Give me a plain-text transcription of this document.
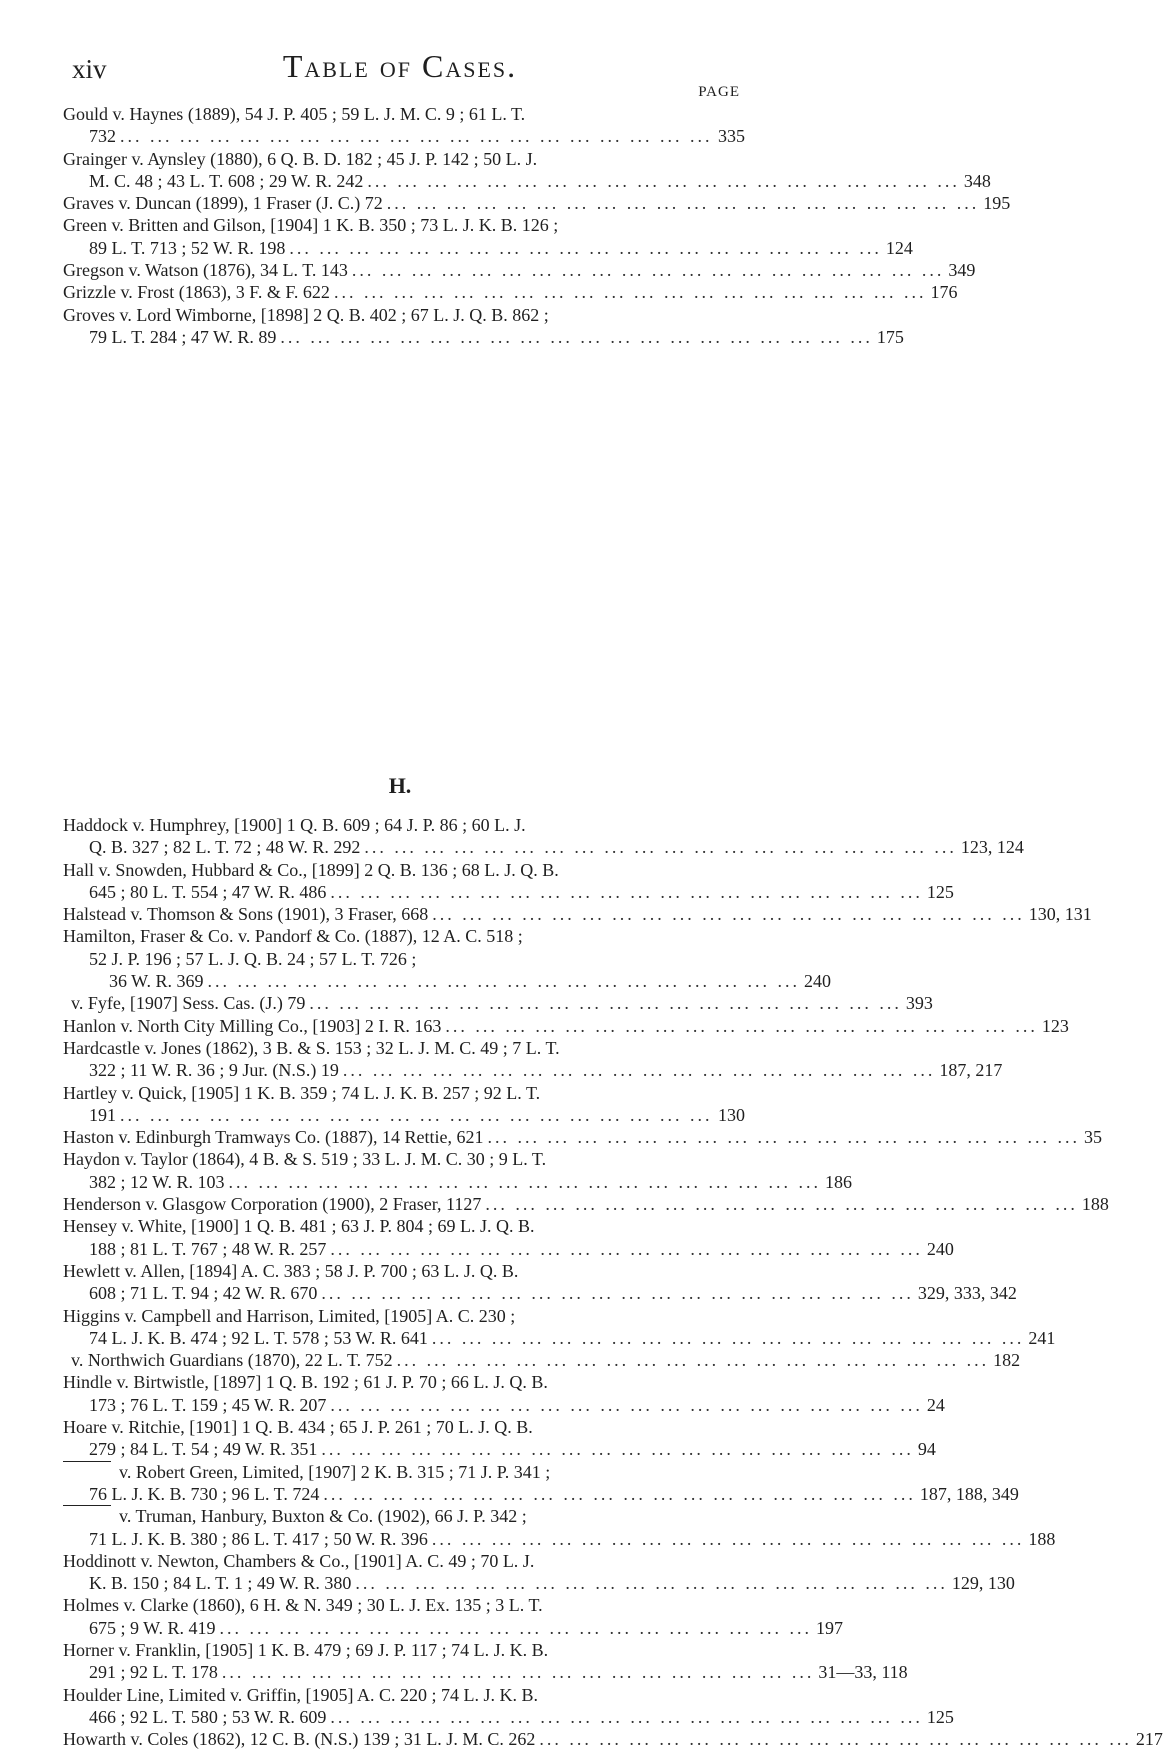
xiv	Table of Cases.
PAGE
Gould v. Haynes (1889), 54 J. P. 405 ; 59 L. J. M. C. 9 ; 61 L. T.
732 ... ... ... ... ... ... ... ... ... ... ... ... ... ... ... ... ... ... ... ... 335
Grainger v. Aynsley (1880), 6 Q. B. D. 182 ; 45 J. P. 142 ; 50 L. J.
M. C. 48 ; 43 L. T. 608 ; 29 W. R. 242 ... ... ... ... ... ... ... ... ... ... ... ... ... ... ... ... ... ... ... ... 348
Graves v. Duncan (1899), 1 Fraser (J. C.) 72 ... ... ... ... ... ... ... ... ... ... ... ... ... ... ... ... ... ... ... ... 195
Green v. Britten and Gilson, [1904] 1 K. B. 350 ; 73 L. J. K. B. 126 ;
89 L. T. 713 ; 52 W. R. 198 ... ... ... ... ... ... ... ... ... ... ... ... ... ... ... ... ... ... ... ... 124
Gregson v. Watson (1876), 34 L. T. 143 ... ... ... ... ... ... ... ... ... ... ... ... ... ... ... ... ... ... ... ... 349
Grizzle v. Frost (1863), 3 F. & F. 622 ... ... ... ... ... ... ... ... ... ... ... ... ... ... ... ... ... ... ... ... 176
Groves v. Lord Wimborne, [1898] 2 Q. B. 402 ; 67 L. J. Q. B. 862 ;
79 L. T. 284 ; 47 W. R. 89 ... ... ... ... ... ... ... ... ... ... ... ... ... ... ... ... ... ... ... ... 175
H.
Haddock v. Humphrey, [1900] 1 Q. B. 609 ; 64 J. P. 86 ; 60 L. J.
Q. B. 327 ; 82 L. T. 72 ; 48 W. R. 292 ... ... ... ... ... ... ... ... ... ... ... ... ... ... ... ... ... ... ... ... 123, 124
Hall v. Snowden, Hubbard & Co., [1899] 2 Q. B. 136 ; 68 L. J. Q. B.
645 ; 80 L. T. 554 ; 47 W. R. 486 ... ... ... ... ... ... ... ... ... ... ... ... ... ... ... ... ... ... ... ... 125
Halstead v. Thomson & Sons (1901), 3 Fraser, 668 ... ... ... ... ... ... ... ... ... ... ... ... ... ... ... ... ... ... ... ... 130, 131
Hamilton, Fraser & Co. v. Pandorf & Co. (1887), 12 A. C. 518 ;
52 J. P. 196 ; 57 L. J. Q. B. 24 ; 57 L. T. 726 ;
36 W. R. 369 ... ... ... ... ... ... ... ... ... ... ... ... ... ... ... ... ... ... ... ... 240
v. Fyfe, [1907] Sess. Cas. (J.) 79 ... ... ... ... ... ... ... ... ... ... ... ... ... ... ... ... ... ... ... ... 393
Hanlon v. North City Milling Co., [1903] 2 I. R. 163 ... ... ... ... ... ... ... ... ... ... ... ... ... ... ... ... ... ... ... ... 123
Hardcastle v. Jones (1862), 3 B. & S. 153 ; 32 L. J. M. C. 49 ; 7 L. T.
322 ; 11 W. R. 36 ; 9 Jur. (N.S.) 19 ... ... ... ... ... ... ... ... ... ... ... ... ... ... ... ... ... ... ... ... 187, 217
Hartley v. Quick, [1905] 1 K. B. 359 ; 74 L. J. K. B. 257 ; 92 L. T.
191 ... ... ... ... ... ... ... ... ... ... ... ... ... ... ... ... ... ... ... ... 130
Haston v. Edinburgh Tramways Co. (1887), 14 Rettie, 621 ... ... ... ... ... ... ... ... ... ... ... ... ... ... ... ... ... ... ... ... 35
Haydon v. Taylor (1864), 4 B. & S. 519 ; 33 L. J. M. C. 30 ; 9 L. T.
382 ; 12 W. R. 103 ... ... ... ... ... ... ... ... ... ... ... ... ... ... ... ... ... ... ... ... 186
Henderson v. Glasgow Corporation (1900), 2 Fraser, 1127 ... ... ... ... ... ... ... ... ... ... ... ... ... ... ... ... ... ... ... ... 188
Hensey v. White, [1900] 1 Q. B. 481 ; 63 J. P. 804 ; 69 L. J. Q. B.
188 ; 81 L. T. 767 ; 48 W. R. 257 ... ... ... ... ... ... ... ... ... ... ... ... ... ... ... ... ... ... ... ... 240
Hewlett v. Allen, [1894] A. C. 383 ; 58 J. P. 700 ; 63 L. J. Q. B.
608 ; 71 L. T. 94 ; 42 W. R. 670 ... ... ... ... ... ... ... ... ... ... ... ... ... ... ... ... ... ... ... ... 329, 333, 342
Higgins v. Campbell and Harrison, Limited, [1905] A. C. 230 ;
74 L. J. K. B. 474 ; 92 L. T. 578 ; 53 W. R. 641 ... ... ... ... ... ... ... ... ... ... ... ... ... ... ... ... ... ... ... ... 241
v. Northwich Guardians (1870), 22 L. T. 752 ... ... ... ... ... ... ... ... ... ... ... ... ... ... ... ... ... ... ... ... 182
Hindle v. Birtwistle, [1897] 1 Q. B. 192 ; 61 J. P. 70 ; 66 L. J. Q. B.
173 ; 76 L. T. 159 ; 45 W. R. 207 ... ... ... ... ... ... ... ... ... ... ... ... ... ... ... ... ... ... ... ... 24
Hoare v. Ritchie, [1901] 1 Q. B. 434 ; 65 J. P. 261 ; 70 L. J. Q. B.
279 ; 84 L. T. 54 ; 49 W. R. 351 ... ... ... ... ... ... ... ... ... ... ... ... ... ... ... ... ... ... ... ... 94
v. Robert Green, Limited, [1907] 2 K. B. 315 ; 71 J. P. 341 ;
76 L. J. K. B. 730 ; 96 L. T. 724 ... ... ... ... ... ... ... ... ... ... ... ... ... ... ... ... ... ... ... ... 187, 188, 349
v. Truman, Hanbury, Buxton & Co. (1902), 66 J. P. 342 ;
71 L. J. K. B. 380 ; 86 L. T. 417 ; 50 W. R. 396 ... ... ... ... ... ... ... ... ... ... ... ... ... ... ... ... ... ... ... ... 188
Hoddinott v. Newton, Chambers & Co., [1901] A. C. 49 ; 70 L. J.
K. B. 150 ; 84 L. T. 1 ; 49 W. R. 380 ... ... ... ... ... ... ... ... ... ... ... ... ... ... ... ... ... ... ... ... 129, 130
Holmes v. Clarke (1860), 6 H. & N. 349 ; 30 L. J. Ex. 135 ; 3 L. T.
675 ; 9 W. R. 419 ... ... ... ... ... ... ... ... ... ... ... ... ... ... ... ... ... ... ... ... 197
Horner v. Franklin, [1905] 1 K. B. 479 ; 69 J. P. 117 ; 74 L. J. K. B.
291 ; 92 L. T. 178 ... ... ... ... ... ... ... ... ... ... ... ... ... ... ... ... ... ... ... ... 31—33, 118
Houlder Line, Limited v. Griffin, [1905] A. C. 220 ; 74 L. J. K. B.
466 ; 92 L. T. 580 ; 53 W. R. 609 ... ... ... ... ... ... ... ... ... ... ... ... ... ... ... ... ... ... ... ... 125
Howarth v. Coles (1862), 12 C. B. (N.S.) 139 ; 31 L. J. M. C. 262 ... ... ... ... ... ... ... ... ... ... ... ... ... ... ... ... ... ... ... ... 217
